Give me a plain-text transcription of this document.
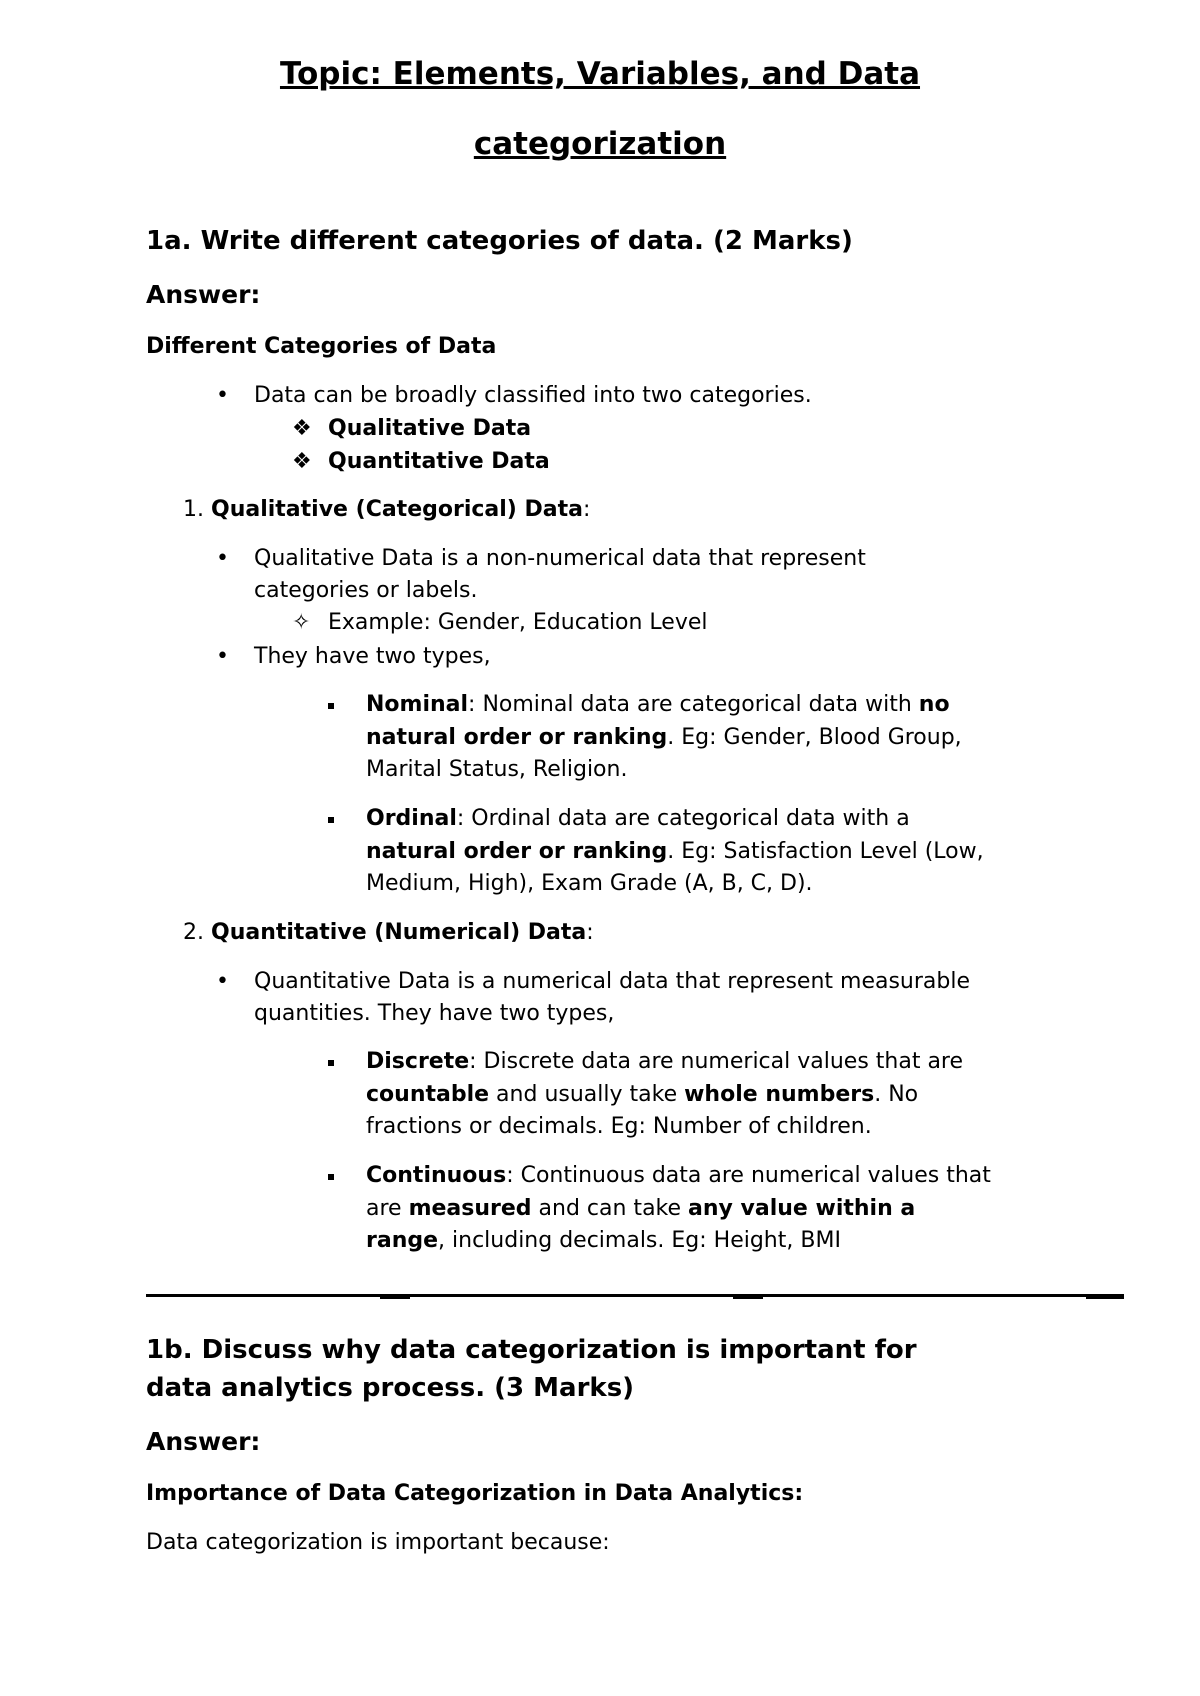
Topic: Elements, Variables, and Data
categorization
1a. Write different categories of data. (2 Marks)
Answer:
Different Categories of Data
• Data can be broadly classified into two categories.
❖ Qualitative Data
❖ Quantitative Data
1. Qualitative (Categorical) Data:
• Qualitative Data is a non-numerical data that represent
categories or labels.
✧ Example: Gender, Education Level
• They have two types,
Nominal: Nominal data are categorical data with no
natural order or ranking. Eg: Gender, Blood Group,
Marital Status, Religion.
Ordinal: Ordinal data are categorical data with a
natural order or ranking. Eg: Satisfaction Level (Low,
Medium, High), Exam Grade (A, B, C, D).
2. Quantitative (Numerical) Data:
• Quantitative Data is a numerical data that represent measurable
quantities. They have two types,
Discrete: Discrete data are numerical values that are
countable and usually take whole numbers. No
fractions or decimals. Eg: Number of children.
Continuous: Continuous data are numerical values that
are measured and can take any value within a
range, including decimals. Eg: Height, BMI
1b. Discuss why data categorization is important for
data analytics process. (3 Marks)
Answer:
Importance of Data Categorization in Data Analytics:
Data categorization is important because:
